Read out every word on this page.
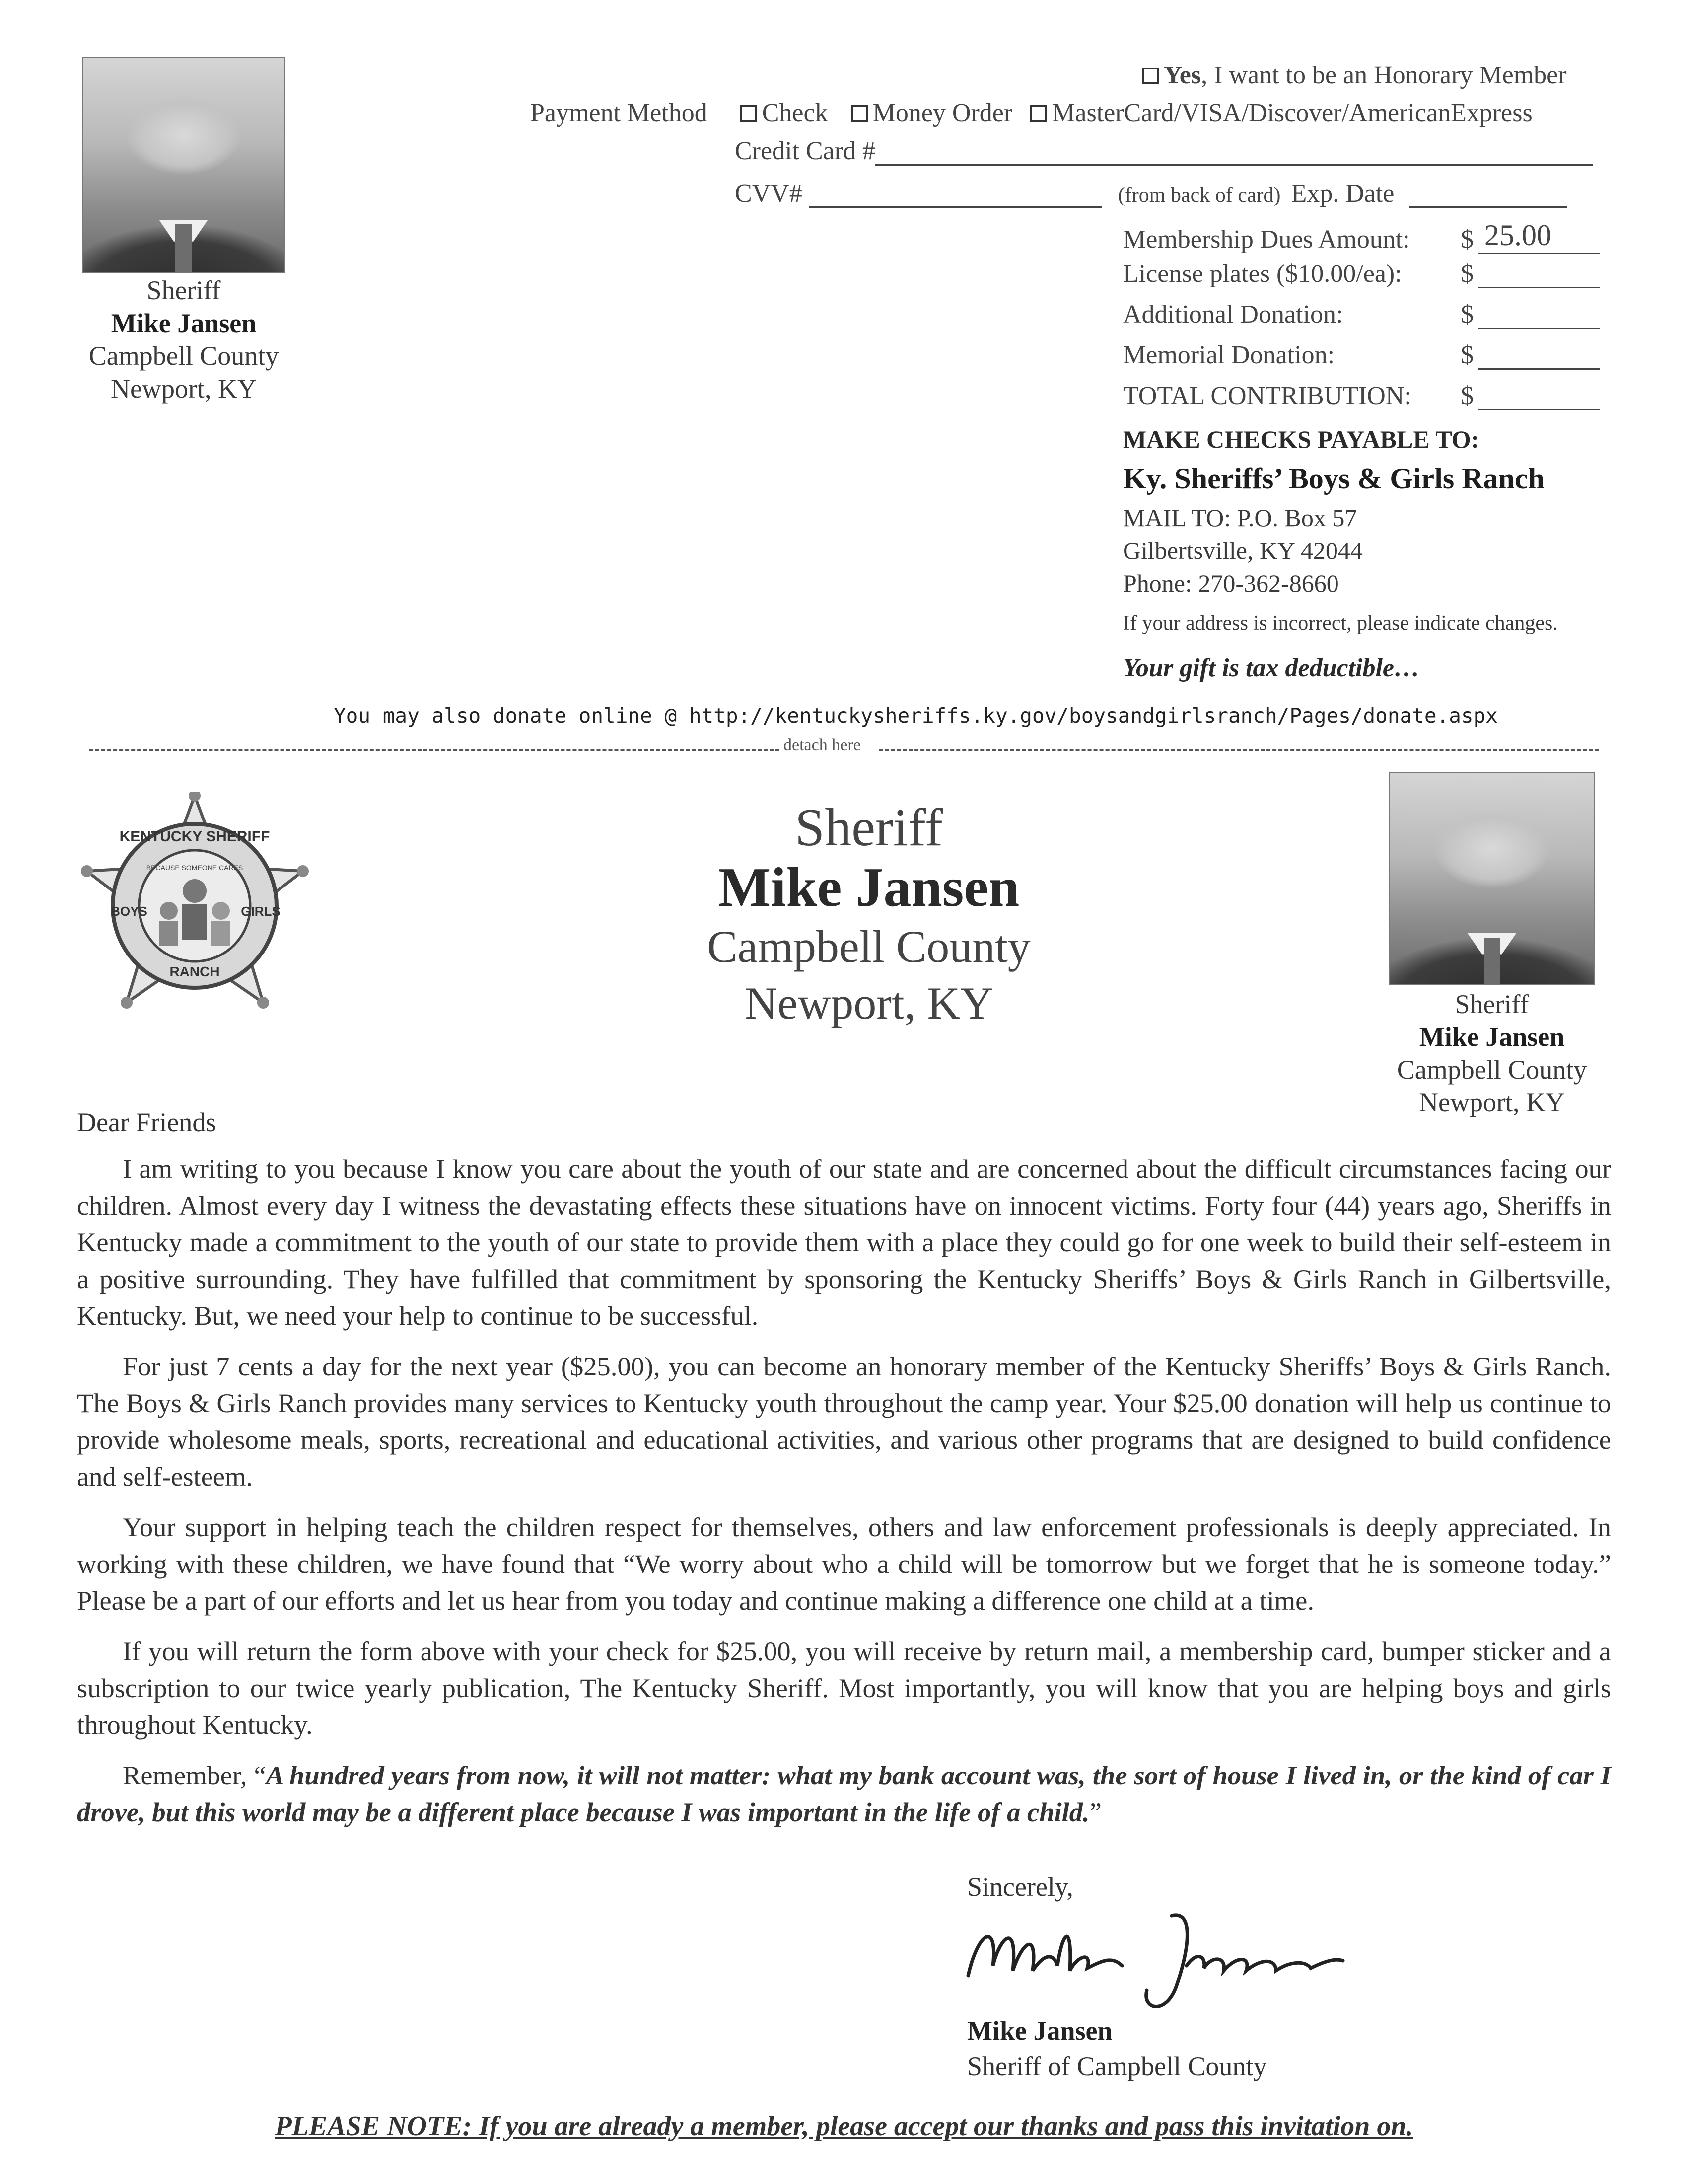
Sheriff
Mike Jansen
Campbell County
Newport, KY
Yes, I want to be an Honorary Member
Payment Method Check Money Order MasterCard/VISA/Discover/AmericanExpress
Credit Card #
CVV#	(from back of card) Exp. Date
Membership Dues Amount: $ 25.00
License plates ($10.00/ea): $
Additional Donation:	$
Memorial Donation:	$
TOTAL CONTRIBUTION: $
MAKE CHECKS PAYABLE TO:
Ky. Sheriffs’ Boys & Girls Ranch
MAIL TO: P.O. Box 57
Gilbertsville, KY 42044
Phone: 270-362-8660
If your address is incorrect, please indicate changes.
Your gift is tax deductible…
You may also donate online @ http://kentuckysheriffs.ky.gov/boysandgirlsranch/Pages/donate.aspx
detach here
KENTUCKY SHERIFF
BOYS	GIRLS
RANCH
BECAUSE SOMEONE CARES
Sheriff
Mike Jansen
Campbell County
Newport, KY	Sheriff
Mike Jansen
Campbell County
Newport, KY
Dear Friends

I am writing to you because I know you care about the youth of our state and are concerned about the difficult circumstances facing our children. Almost every day I witness the devastating effects these situations have on innocent victims. Forty four (44) years ago, Sheriffs in Kentucky made a commitment to the youth of our state to provide them with a place they could go for one week to build their self-esteem in a positive surrounding. They have fulfilled that commitment by sponsoring the Kentucky Sheriffs’ Boys & Girls Ranch in Gilbertsville, Kentucky. But, we need your help to continue to be successful.

For just 7 cents a day for the next year ($25.00), you can become an honorary member of the Kentucky Sheriffs’ Boys & Girls Ranch. The Boys & Girls Ranch provides many services to Kentucky youth throughout the camp year. Your $25.00 donation will help us continue to provide wholesome meals, sports, recreational and educational activities, and various other programs that are designed to build confidence and self-esteem.

Your support in helping teach the children respect for themselves, others and law enforcement professionals is deeply appreciated. In working with these children, we have found that “We worry about who a child will be tomorrow but we forget that he is someone today.” Please be a part of our efforts and let us hear from you today and continue making a difference one child at a time.

If you will return the form above with your check for $25.00, you will receive by return mail, a membership card, bumper sticker and a subscription to our twice yearly publication, The Kentucky Sheriff. Most importantly, you will know that you are helping boys and girls throughout Kentucky.

Remember, “A hundred years from now, it will not matter: what my bank account was, the sort of house I lived in, or the kind of car I drove, but this world may be a different place because I was important in the life of a child.”

Sincerely,
Mike Jansen
Sheriff of Campbell County
PLEASE NOTE: If you are already a member, please accept our thanks and pass this invitation on.
